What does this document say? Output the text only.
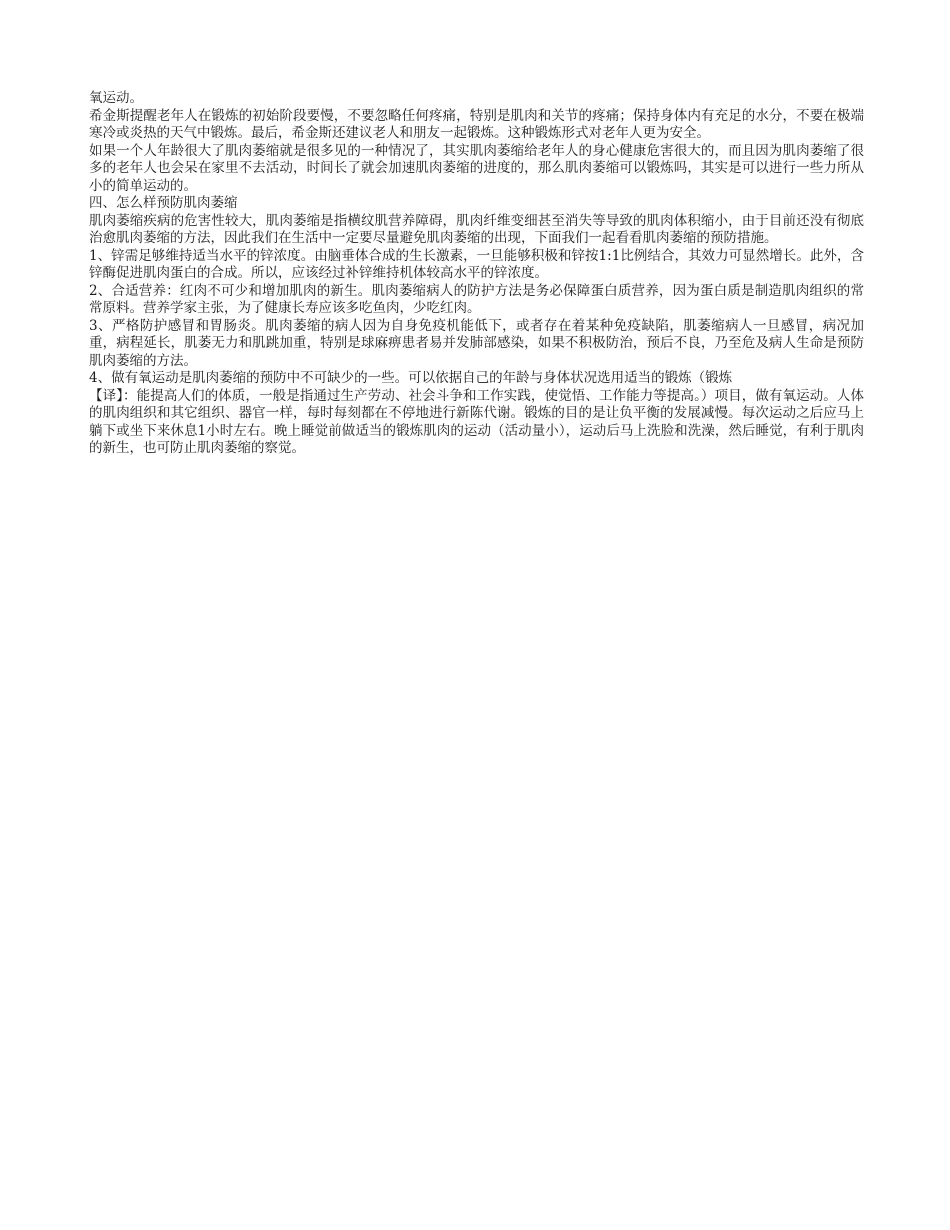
氧运动。

希金斯提醒老年人在锻炼的初始阶段要慢，不要忽略任何疼痛，特别是肌肉和关节的疼痛；保持身体内有充足的水分，不要在极端寒冷或炎热的天气中锻炼。最后，希金斯还建议老人和朋友一起锻炼。这种锻炼形式对老年人更为安全。

如果一个人年龄很大了肌肉萎缩就是很多见的一种情况了，其实肌肉萎缩给老年人的身心健康危害很大的，而且因为肌肉萎缩了很多的老年人也会呆在家里不去活动，时间长了就会加速肌肉萎缩的进度的，那么肌肉萎缩可以锻炼吗，其实是可以进行一些力所从小的简单运动的。

四、怎么样预防肌肉萎缩

肌肉萎缩疾病的危害性较大，肌肉萎缩是指横纹肌营养障碍，肌肉纤维变细甚至消失等导致的肌肉体积缩小，由于目前还没有彻底治愈肌肉萎缩的方法，因此我们在生活中一定要尽量避免肌肉萎缩的出现，下面我们一起看看肌肉萎缩的预防措施。

1、锌需足够维持适当水平的锌浓度。由脑垂体合成的生长激素，一旦能够积极和锌按1:1比例结合，其效力可显然增长。此外，含锌酶促进肌肉蛋白的合成。所以，应该经过补锌维持机体较高水平的锌浓度。

2、合适营养：红肉不可少和增加肌肉的新生。肌肉萎缩病人的防护方法是务必保障蛋白质营养，因为蛋白质是制造肌肉组织的常常原料。营养学家主张，为了健康长寿应该多吃鱼肉，少吃红肉。

3、严格防护感冒和胃肠炎。肌肉萎缩的病人因为自身免疫机能低下，或者存在着某种免疫缺陷，肌萎缩病人一旦感冒，病况加重，病程延长，肌萎无力和肌跳加重，特别是球麻痹患者易并发肺部感染，如果不积极防治，预后不良，乃至危及病人生命是预防肌肉萎缩的方法。

4、做有氧运动是肌肉萎缩的预防中不可缺少的一些。可以依据自己的年龄与身体状况选用适当的锻炼（锻炼

【译】：能提高人们的体质，一般是指通过生产劳动、社会斗争和工作实践，使觉悟、工作能力等提高。）项目，做有氧运动。人体的肌肉组织和其它组织、器官一样，每时每刻都在不停地进行新陈代谢。锻炼的目的是让负平衡的发展减慢。每次运动之后应马上躺下或坐下来休息1小时左右。晚上睡觉前做适当的锻炼肌肉的运动（活动量小），运动后马上洗脸和洗澡，然后睡觉，有利于肌肉的新生，也可防止肌肉萎缩的察觉。
